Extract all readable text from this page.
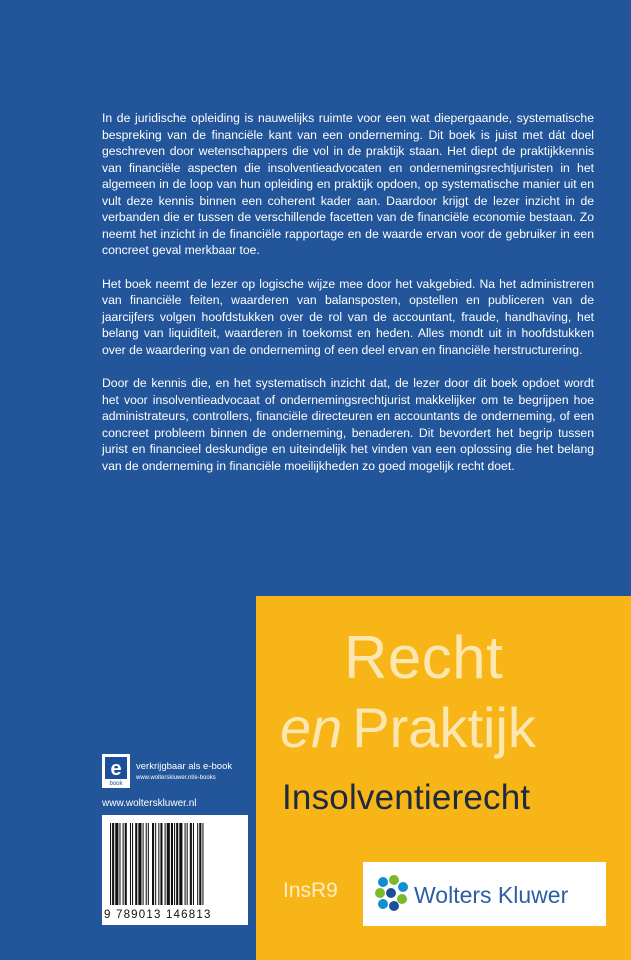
In de juridische opleiding is nauwelijks ruimte voor een wat diepergaande, systematische bespreking van de financiële kant van een onderneming. Dit boek is juist met dát doel geschreven door wetenschappers die vol in de praktijk staan. Het diept de praktijkkennis van financiële aspecten die insolventieadvocaten en ondernemingsrechtjuristen in het algemeen in de loop van hun opleiding en praktijk opdoen, op systematische manier uit en vult deze kennis binnen een coherent kader aan. Daardoor krijgt de lezer inzicht in de verbanden die er tussen de verschillende facetten van de financiële economie bestaan. Zo neemt het inzicht in de financiële rapportage en de waarde ervan voor de gebruiker in een concreet geval merkbaar toe.

Het boek neemt de lezer op logische wijze mee door het vakgebied. Na het administreren van financiële feiten, waarderen van balansposten, opstellen en publiceren van de jaarcijfers volgen hoofdstukken over de rol van de accountant, fraude, handhaving, het belang van liquiditeit, waarderen in toekomst en heden. Alles mondt uit in hoofdstukken over de waardering van de onderneming of een deel ervan en financiële herstructurering.

Door de kennis die, en het systematisch inzicht dat, de lezer door dit boek opdoet wordt het voor insolventieadvocaat of ondernemingsrechtjurist makkelijker om te begrijpen hoe administrateurs, controllers, financiële directeuren en accountants de onderneming, of een concreet probleem binnen de onderneming, benaderen. Dit bevordert het begrip tussen jurist en financieel deskundige en uiteindelijk het vinden van een oplossing die het belang van de onderneming in financiële moeilijkheden zo goed mogelijk recht doet.

Recht
en Praktijk
Insolventierecht
InsR9	Wolters Kluwer
e
book
verkrijgbaar als e-book
www.wolterskluwer.nl/e-books
www.wolterskluwer.nl
9 789013 146813
